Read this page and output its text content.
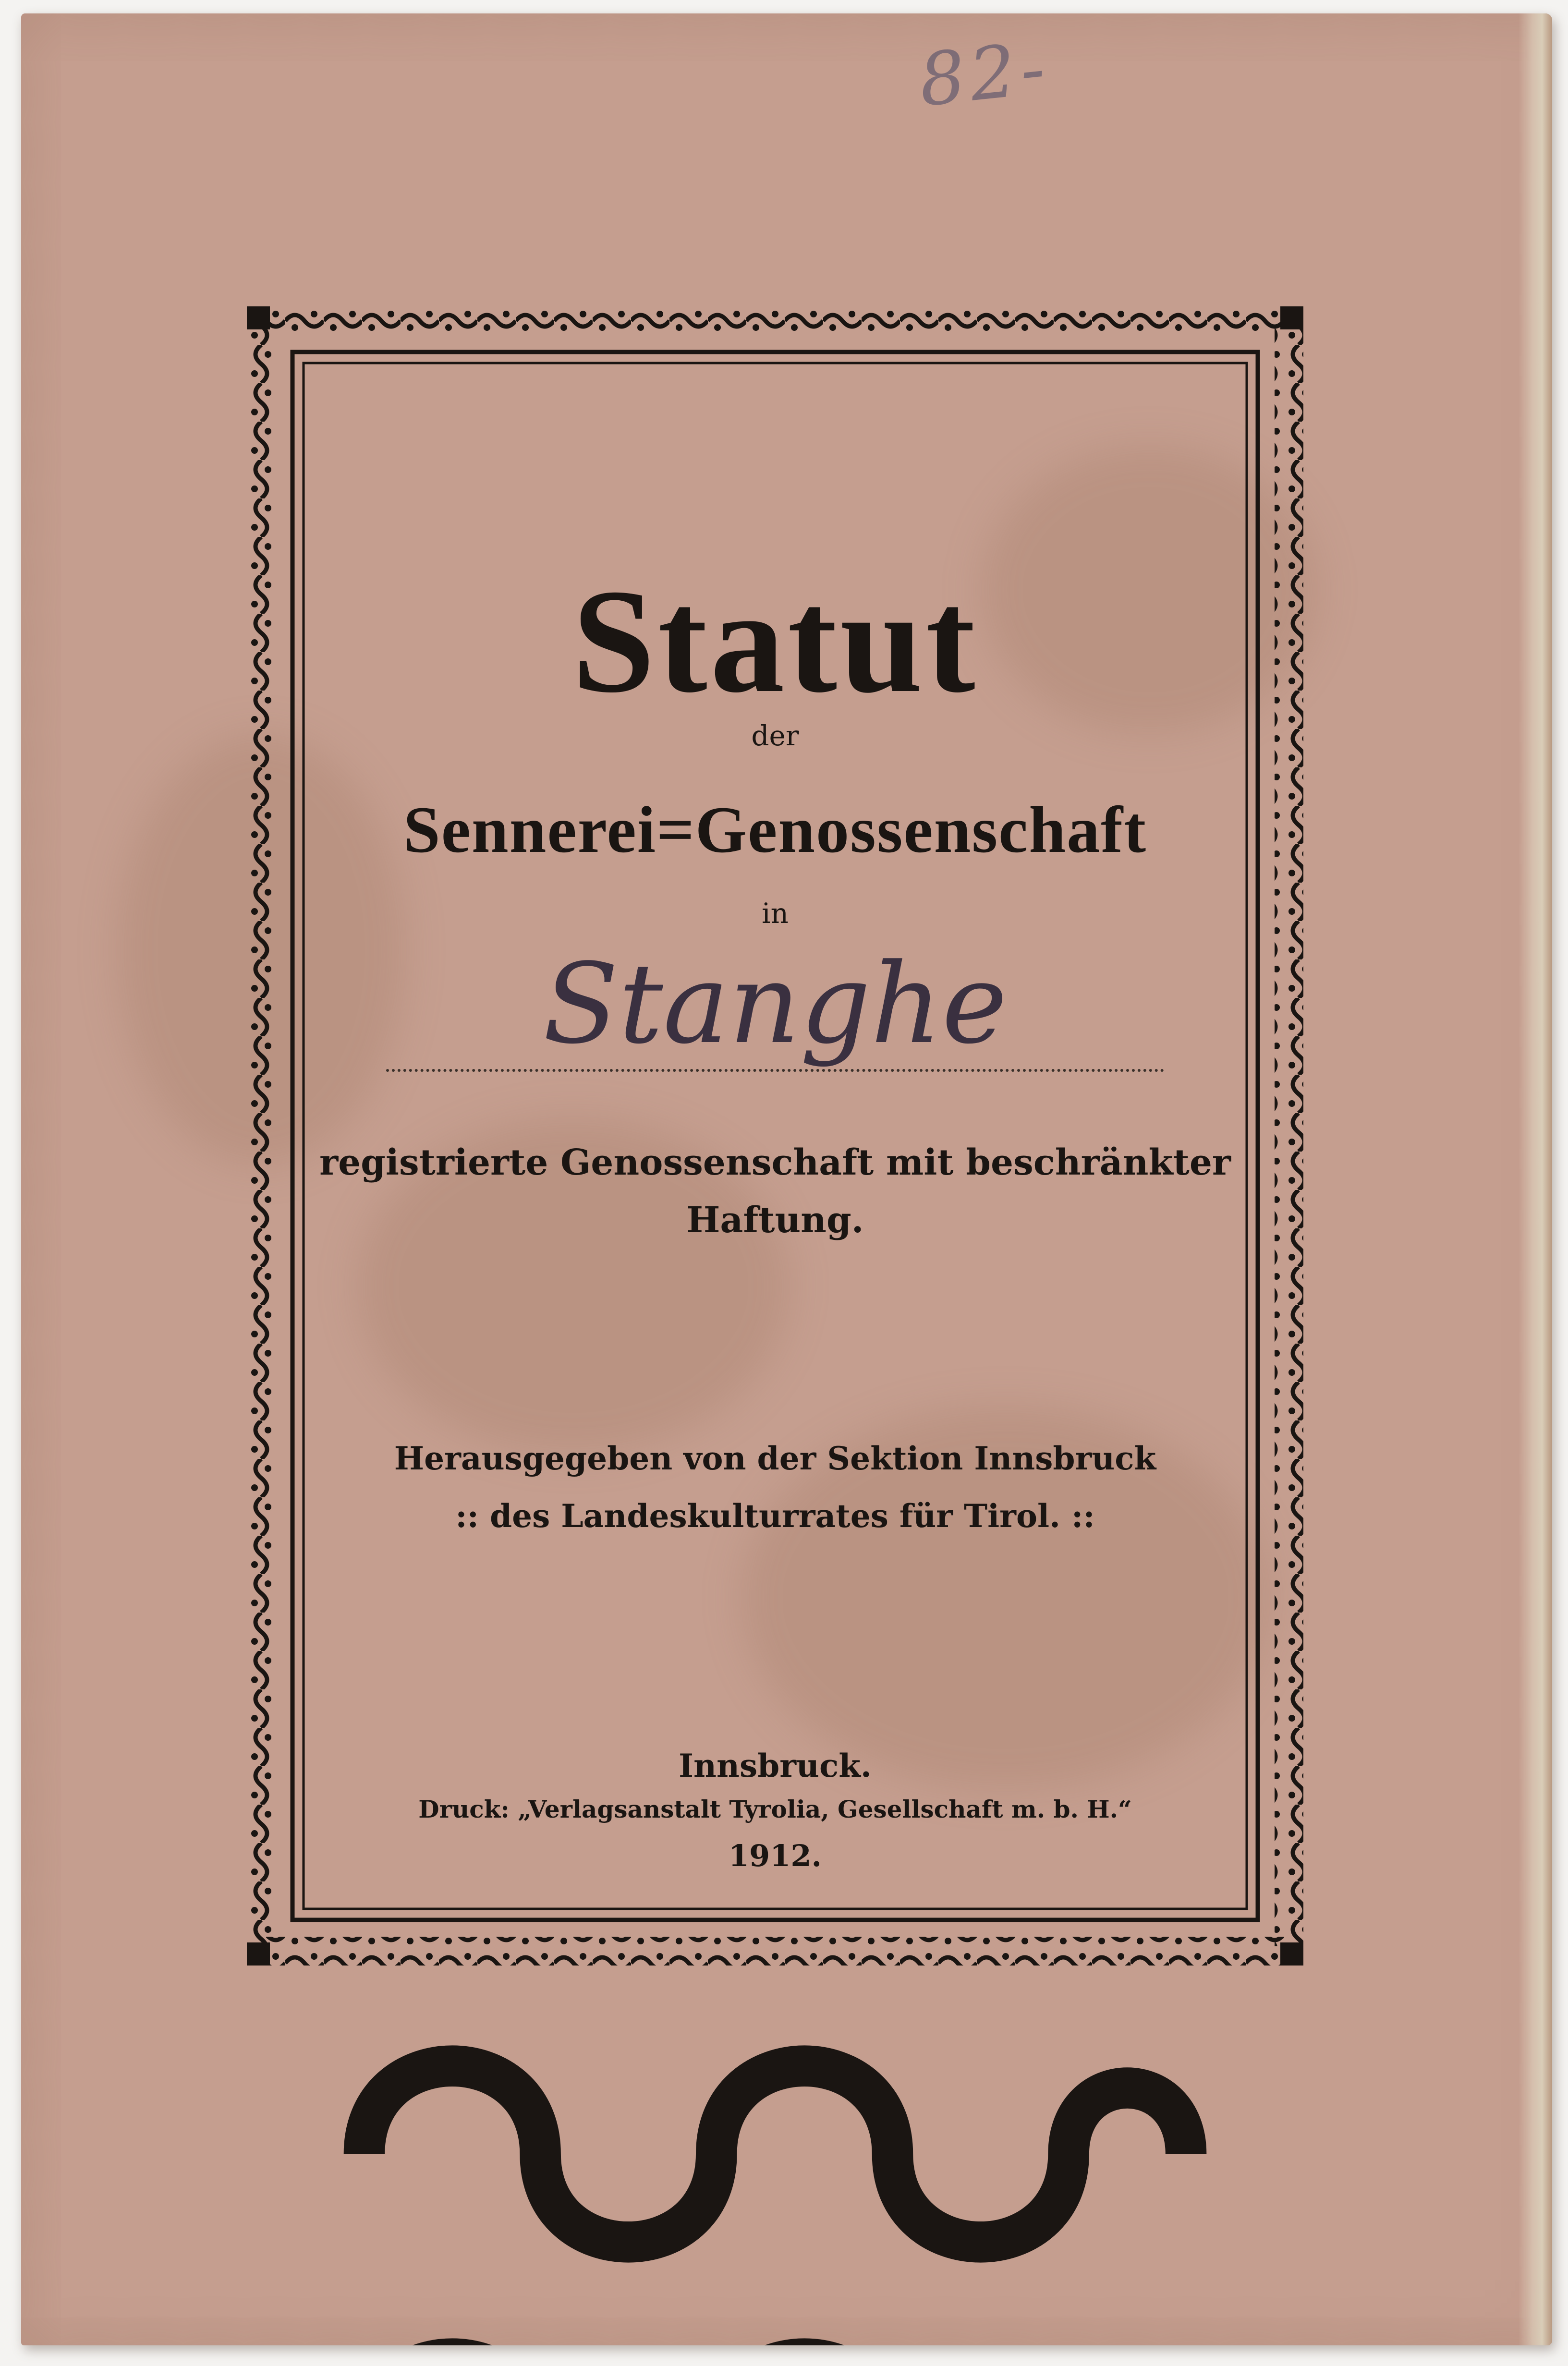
82-
Statut
der
Sennerei=Genossenschaft
in
Stanghe
registrierte Genossenschaft mit beschränkter
Haftung.
Herausgegeben von der Sektion Innsbruck
:: des Landeskulturrates für Tirol. ::
Innsbruck.
Druck: „Verlagsanstalt Tyrolia, Gesellschaft m. b. H.“
1912.
